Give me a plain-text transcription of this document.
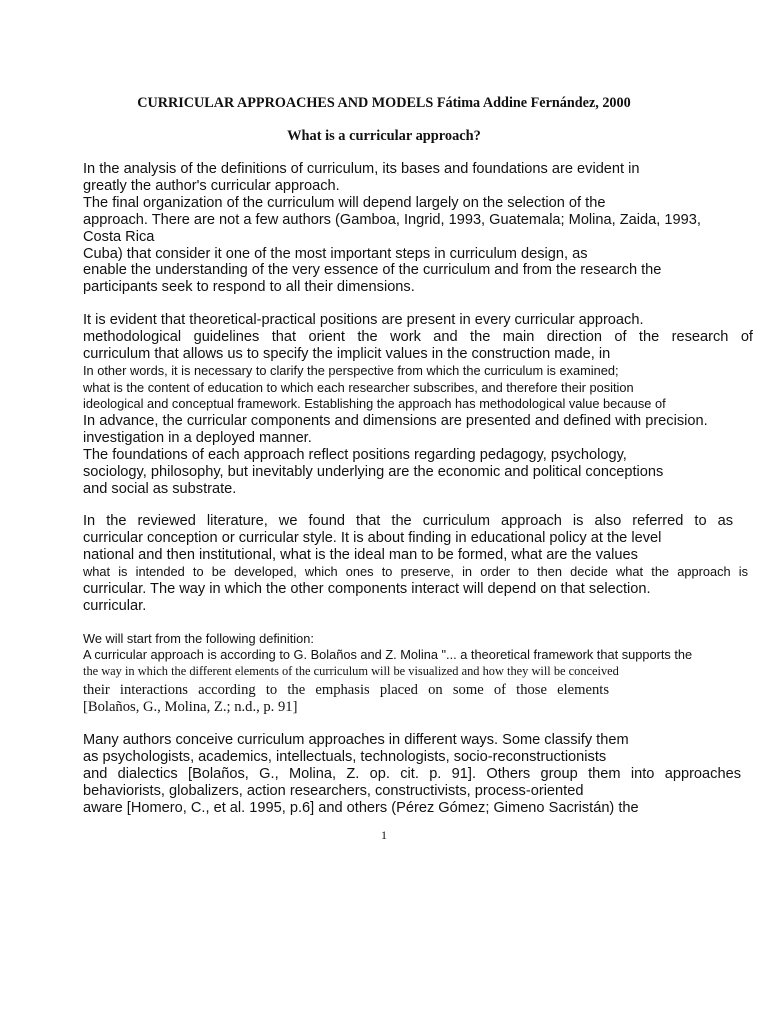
CURRICULAR APPROACHES AND MODELS Fátima Addine Fernández, 2000
What is a curricular approach?
In the analysis of the definitions of curriculum, its bases and foundations are evident in
greatly the author's curricular approach.
The final organization of the curriculum will depend largely on the selection of the
approach. There are not a few authors (Gamboa, Ingrid, 1993, Guatemala; Molina, Zaida, 1993,
Costa Rica
Cuba) that consider it one of the most important steps in curriculum design, as
enable the understanding of the very essence of the curriculum and from the research the
participants seek to respond to all their dimensions.
It is evident that theoretical-practical positions are present in every curricular approach.
methodological guidelines that orient the work and the main direction of the research of
curriculum that allows us to specify the implicit values in the construction made, in
In other words, it is necessary to clarify the perspective from which the curriculum is examined;
what is the content of education to which each researcher subscribes, and therefore their position
ideological and conceptual framework. Establishing the approach has methodological value because of
In advance, the curricular components and dimensions are presented and defined with precision.
investigation in a deployed manner.
The foundations of each approach reflect positions regarding pedagogy, psychology,
sociology, philosophy, but inevitably underlying are the economic and political conceptions
and social as substrate.
In the reviewed literature, we found that the curriculum approach is also referred to as
curricular conception or curricular style. It is about finding in educational policy at the level
national and then institutional, what is the ideal man to be formed, what are the values
what is intended to be developed, which ones to preserve, in order to then decide what the approach is
curricular. The way in which the other components interact will depend on that selection.
curricular.
We will start from the following definition:
A curricular approach is according to G. Bolaños and Z. Molina "... a theoretical framework that supports the
the way in which the different elements of the curriculum will be visualized and how they will be conceived
their interactions according to the emphasis placed on some of those elements
[Bolaños, G., Molina, Z.; n.d., p. 91]
Many authors conceive curriculum approaches in different ways. Some classify them
as psychologists, academics, intellectuals, technologists, socio-reconstructionists
and dialectics [Bolaños, G., Molina, Z. op. cit. p. 91]. Others group them into approaches
behaviorists, globalizers, action researchers, constructivists, process-oriented
aware [Homero, C., et al. 1995, p.6] and others (Pérez Gómez; Gimeno Sacristán) the
1
